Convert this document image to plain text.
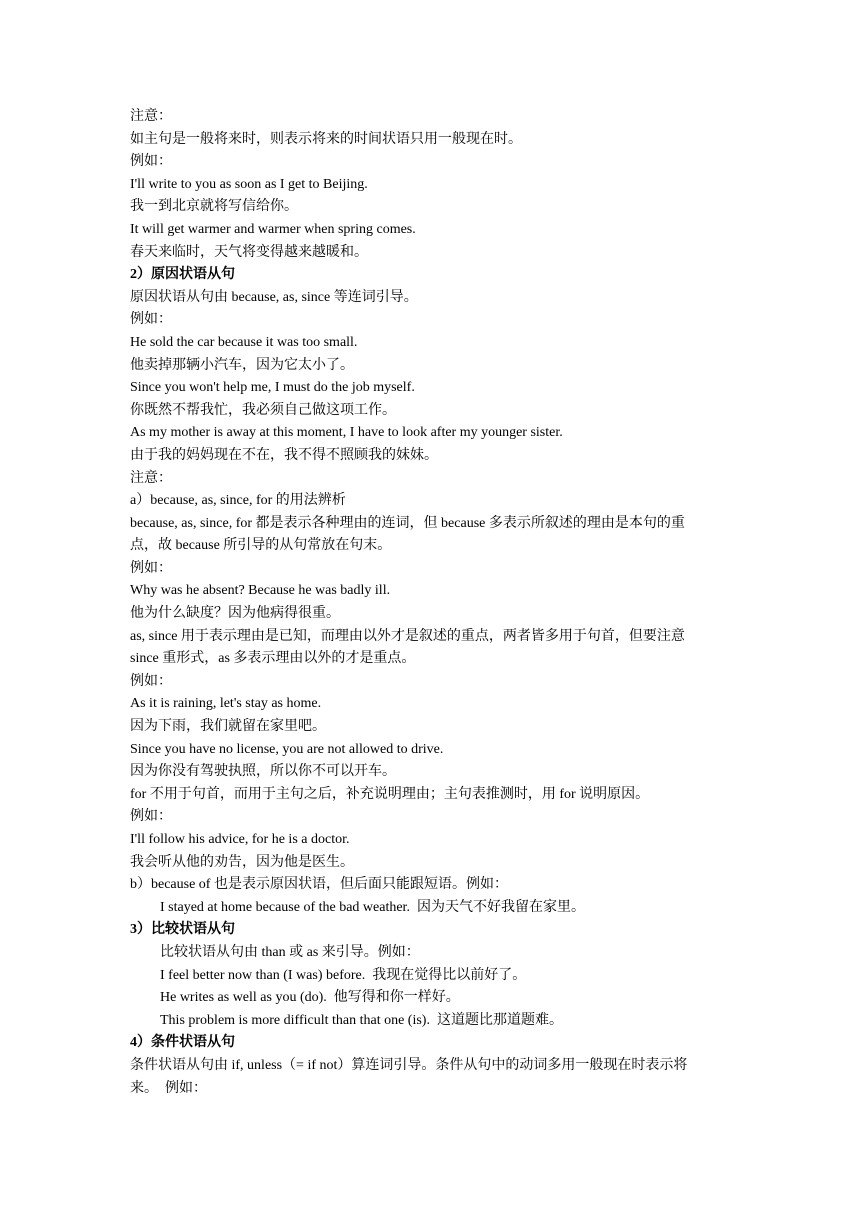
注意：
如主句是一般将来时，则表示将来的时间状语只用一般现在时。
例如：
I'll write to you as soon as I get to Beijing.
我一到北京就将写信给你。
It will get warmer and warmer when spring comes.
春天来临时，天气将变得越来越暖和。
2）原因状语从句
原因状语从句由 because, as, since 等连词引导。
例如：
He sold the car because it was too small.
他卖掉那辆小汽车，因为它太小了。
Since you won't help me, I must do the job myself.
你既然不帮我忙，我必须自己做这项工作。
As my mother is away at this moment, I have to look after my younger sister.
由于我的妈妈现在不在，我不得不照顾我的妹妹。
注意：
a）because, as, since, for 的用法辨析
because, as, since, for 都是表示各种理由的连词，但 because 多表示所叙述的理由是本句的重
点，故 because 所引导的从句常放在句末。
例如：
Why was he absent? Because he was badly ill.
他为什么缺度？因为他病得很重。
as, since 用于表示理由是已知，而理由以外才是叙述的重点，两者皆多用于句首，但要注意
since 重形式，as 多表示理由以外的才是重点。
例如：
As it is raining, let's stay as home.
因为下雨，我们就留在家里吧。
Since you have no license, you are not allowed to drive.
因为你没有驾驶执照，所以你不可以开车。
for 不用于句首，而用于主句之后，补充说明理由；主句表推测时，用 for 说明原因。
例如：
I'll follow his advice, for he is a doctor.
我会听从他的劝告，因为他是医生。
b）because of 也是表示原因状语，但后面只能跟短语。例如：
I stayed at home because of the bad weather.  因为天气不好我留在家里。
3）比较状语从句
比较状语从句由 than 或 as 来引导。例如：
I feel better now than (I was) before.  我现在觉得比以前好了。
He writes as well as you (do).  他写得和你一样好。
This problem is more difficult than that one (is).  这道题比那道题难。
4）条件状语从句
条件状语从句由 if, unless（= if not）算连词引导。条件从句中的动词多用一般现在时表示将
来。  例如：
